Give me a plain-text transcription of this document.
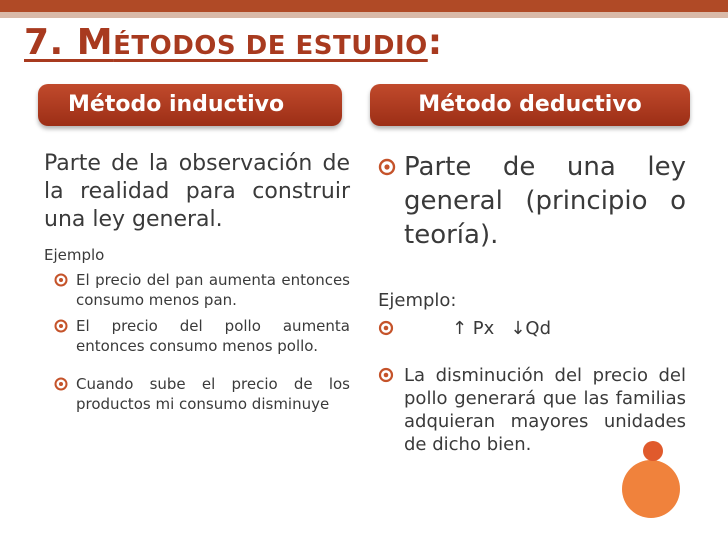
7. MÉTODOS DE ESTUDIO:
Método inductivo	Método deductivo
Parte de la observación de la realidad para construir una ley general.
Ejemplo
El precio del pan aumenta entonces consumo menos pan.
El precio del pollo aumenta entonces consumo menos pollo.
Cuando sube el precio de los productos mi consumo disminuye
Parte de una ley general (principio o teoría).
Ejemplo:
↑ Px ↓Qd
La disminución del precio del pollo generará que las familias adquieran mayores unidades de dicho bien.
